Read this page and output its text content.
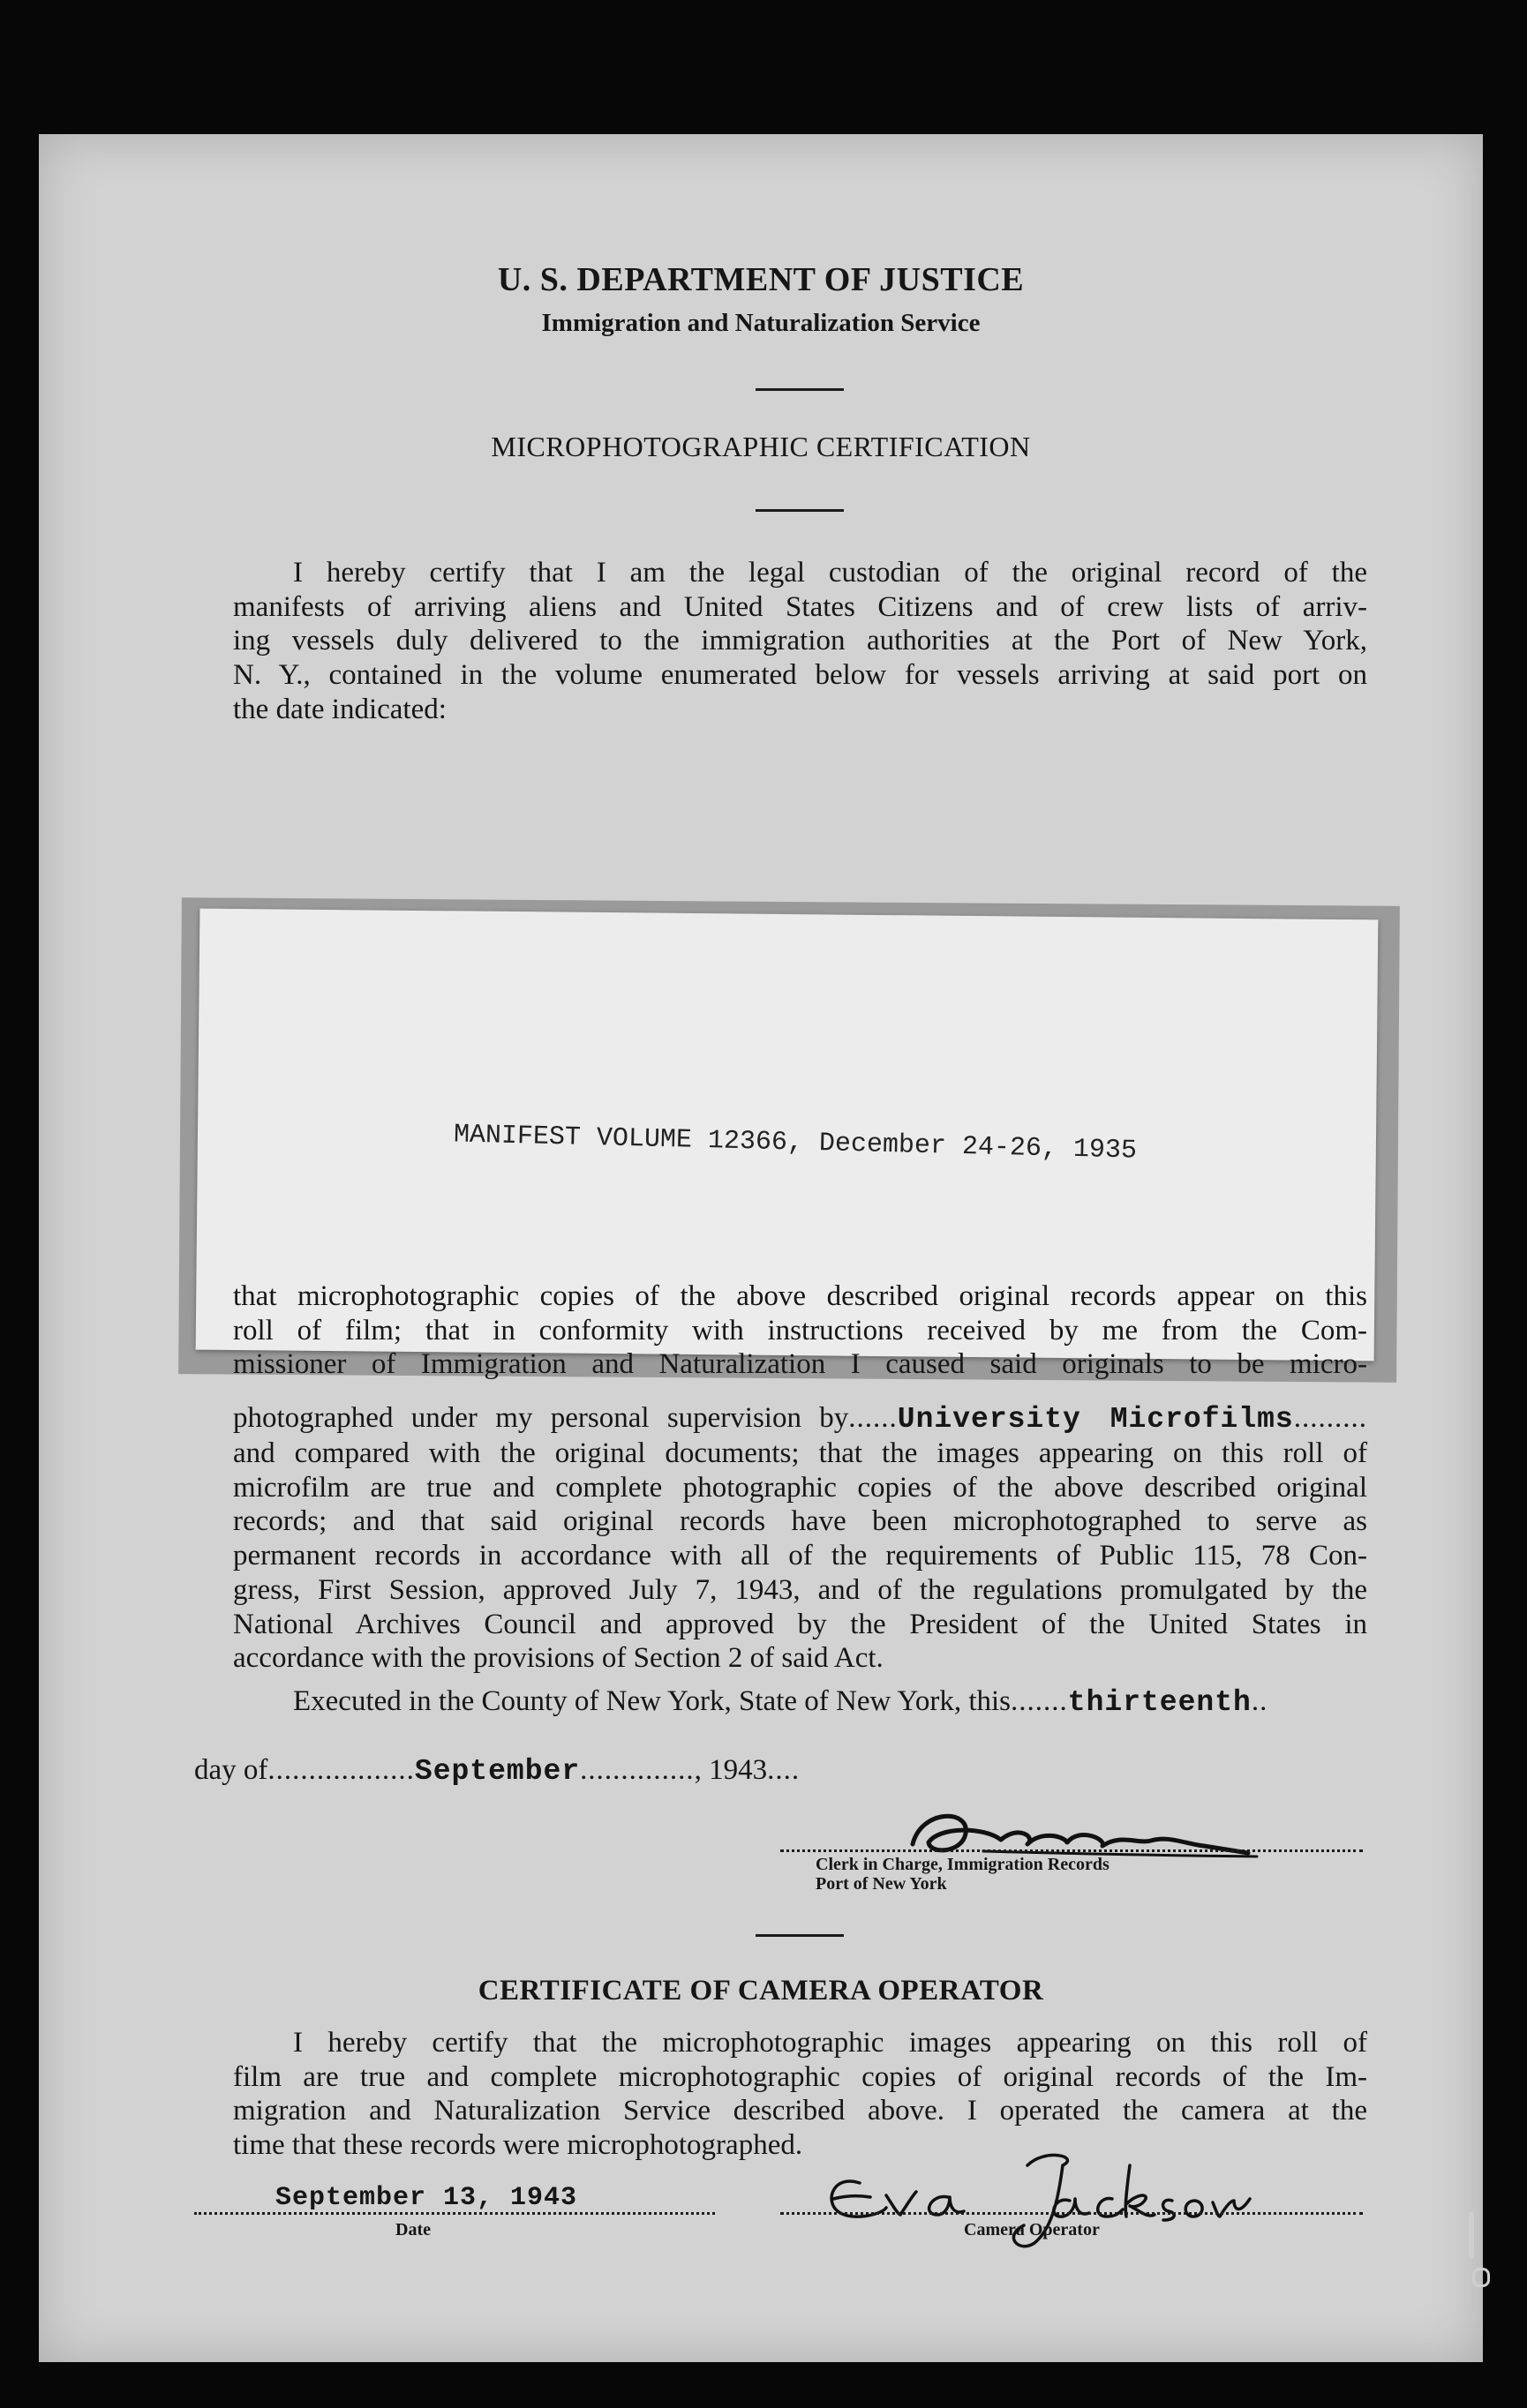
U. S. DEPARTMENT OF JUSTICE
Immigration and Naturalization Service
MICROPHOTOGRAPHIC CERTIFICATION
I hereby certify that I am the legal custodian of the original record of the
manifests of arriving aliens and United States Citizens and of crew lists of arriv-
ing vessels duly delivered to the immigration authorities at the Port of New York,
N. Y., contained in the volume enumerated below for vessels arriving at said port on
the date indicated:
MANIFEST VOLUME 12366, December 24-26, 1935
that microphotographic copies of the above described original records appear on this
roll of film; that in conformity with instructions received by me from the Com-
missioner of Immigration and Naturalization I caused said originals to be micro-
photographed under my personal supervision by......University Microfilms.........
and compared with the original documents; that the images appearing on this roll of
microfilm are true and complete photographic copies of the above described original
records; and that said original records have been microphotographed to serve as
permanent records in accordance with all of the requirements of Public 115, 78 Con-
gress, First Session, approved July 7, 1943, and of the regulations promulgated by the
National Archives Council and approved by the President of the United States in
accordance with the provisions of Section 2 of said Act.
Executed in the County of New York, State of New York, this.......thirteenth..
day of..................September.............., 1943....
Clerk in Charge, Immigration Records
Port of New York
CERTIFICATE OF CAMERA OPERATOR
I hereby certify that the microphotographic images appearing on this roll of
film are true and complete microphotographic copies of original records of the Im-
migration and Naturalization Service described above. I operated the camera at the
time that these records were microphotographed.
September 13, 1943
Date	Camera Operator
